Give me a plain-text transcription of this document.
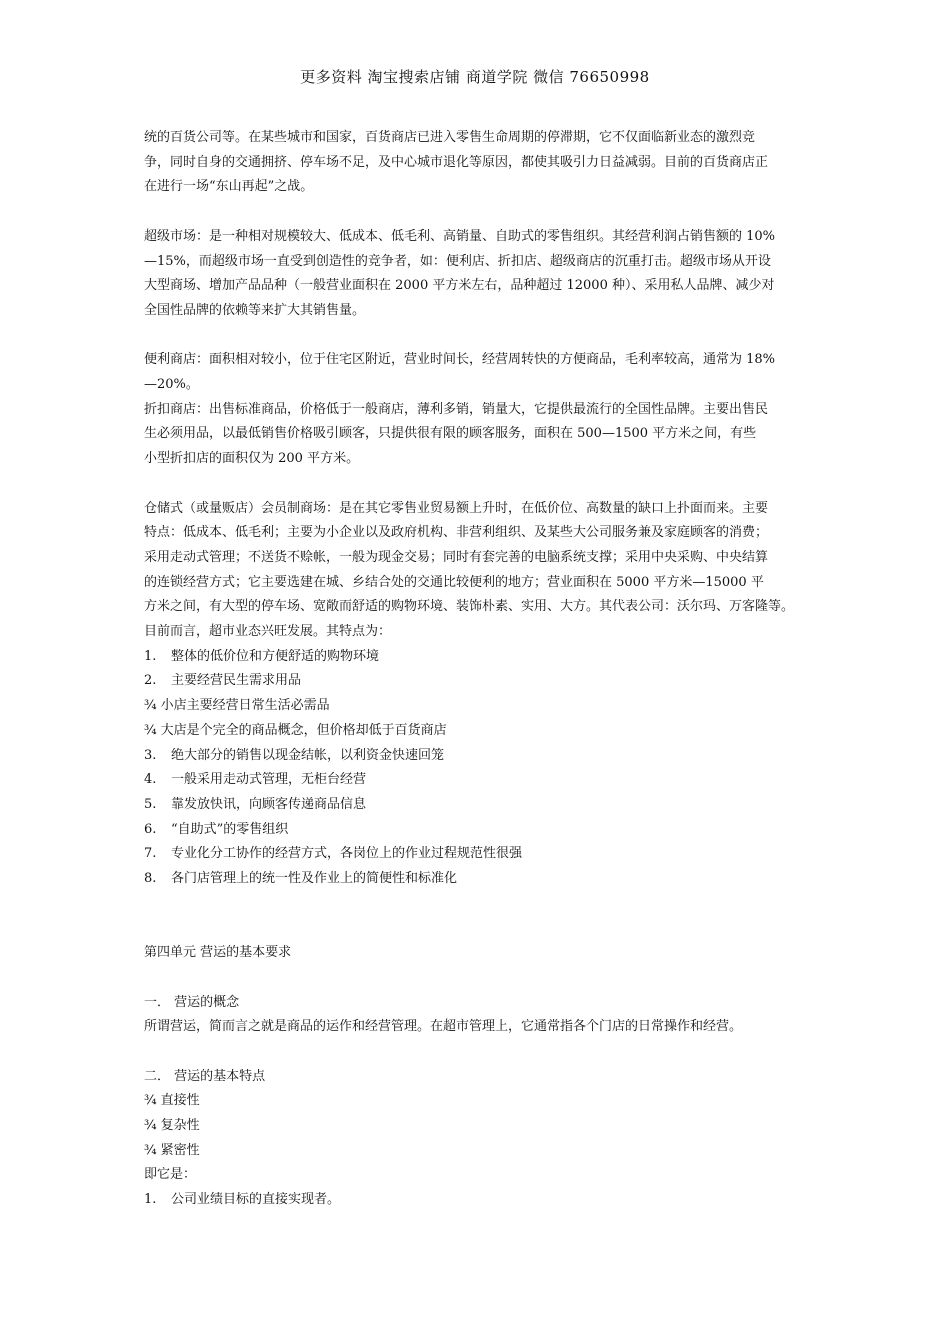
更多资料 淘宝搜索店铺 商道学院 微信 76650998

统的百货公司等。在某些城市和国家，百货商店已进入零售生命周期的停滞期，它不仅面临新业态的激烈竞

争，同时自身的交通拥挤、停车场不足，及中心城市退化等原因，都使其吸引力日益减弱。目前的百货商店正

在进行一场“东山再起”之战。

超级市场：是一种相对规模较大、低成本、低毛利、高销量、自助式的零售组织。其经营利润占销售额的 10%

—15%，而超级市场一直受到创造性的竞争者，如：便利店、折扣店、超级商店的沉重打击。超级市场从开设

大型商场、增加产品品种（一般营业面积在 2000 平方米左右，品种超过 12000 种）、采用私人品牌、减少对

全国性品牌的依赖等来扩大其销售量。

便利商店：面积相对较小，位于住宅区附近，营业时间长，经营周转快的方便商品，毛利率较高，通常为 18%

—20%。

折扣商店：出售标准商品，价格低于一般商店，薄利多销，销量大，它提供最流行的全国性品牌。主要出售民

生必须用品，以最低销售价格吸引顾客，只提供很有限的顾客服务，面积在 500—1500 平方米之间，有些

小型折扣店的面积仅为 200 平方米。

仓储式（或量贩店）会员制商场：是在其它零售业贸易额上升时，在低价位、高数量的缺口上扑面而来。主要

特点：低成本、低毛利；主要为小企业以及政府机构、非营利组织、及某些大公司服务兼及家庭顾客的消费；

采用走动式管理；不送货不赊帐，一般为现金交易；同时有套完善的电脑系统支撑；采用中央采购、中央结算

的连锁经营方式；它主要选建在城、乡结合处的交通比较便利的地方；营业面积在 5000 平方米—15000 平

方米之间，有大型的停车场、宽敞而舒适的购物环境、装饰朴素、实用、大方。其代表公司：沃尔玛、万客隆等。

目前而言，超市业态兴旺发展。其特点为：

1. 整体的低价位和方便舒适的购物环境

2. 主要经营民生需求用品

¾ 小店主要经营日常生活必需品

¾ 大店是个完全的商品概念，但价格却低于百货商店

3. 绝大部分的销售以现金结帐，以利资金快速回笼

4. 一般采用走动式管理，无柜台经营

5. 靠发放快讯，向顾客传递商品信息

6. “自助式”的零售组织

7. 专业化分工协作的经营方式，各岗位上的作业过程规范性很强

8. 各门店管理上的统一性及作业上的简便性和标准化

第四单元 营运的基本要求

一． 营运的概念

所谓营运，简而言之就是商品的运作和经营管理。在超市管理上，它通常指各个门店的日常操作和经营。

二． 营运的基本特点

¾ 直接性

¾ 复杂性

¾ 紧密性

即它是：

1. 公司业绩目标的直接实现者。
